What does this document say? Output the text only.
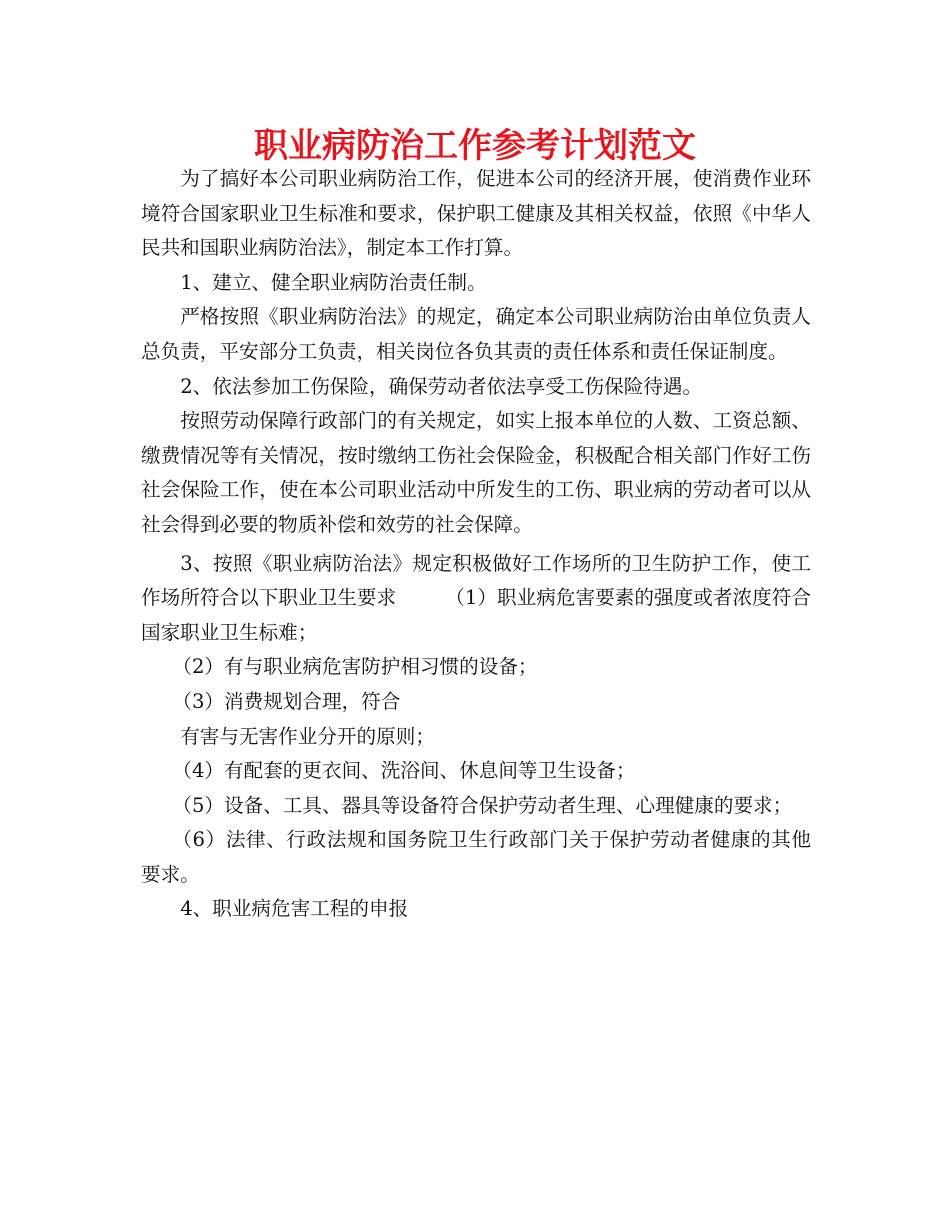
职业病防治工作参考计划范文

为了搞好本公司职业病防治工作，促进本公司的经济开展，使消费作业环境符合国家职业卫生标准和要求，保护职工健康及其相关权益，依照《中华人民共和国职业病防治法》，制定本工作打算。

1、建立、健全职业病防治责任制。

严格按照《职业病防治法》的规定，确定本公司职业病防治由单位负责人总负责，平安部分工负责，相关岗位各负其责的责任体系和责任保证制度。

2、依法参加工伤保险，确保劳动者依法享受工伤保险待遇。

按照劳动保障行政部门的有关规定，如实上报本单位的人数、工资总额、缴费情况等有关情况，按时缴纳工伤社会保险金，积极配合相关部门作好工伤社会保险工作，使在本公司职业活动中所发生的工伤、职业病的劳动者可以从社会得到必要的物质补偿和效劳的社会保障。

3、按照《职业病防治法》规定积极做好工作场所的卫生防护工作，使工作场所符合以下职业卫生要求　　　（1）职业病危害要素的强度或者浓度符合国家职业卫生标难；

（2）有与职业病危害防护相习惯的设备；

（3）消费规划合理，符合

有害与无害作业分开的原则；

（4）有配套的更衣间、洗浴间、休息间等卫生设备；

（5）设备、工具、器具等设备符合保护劳动者生理、心理健康的要求；

（6）法律、行政法规和国务院卫生行政部门关于保护劳动者健康的其他要求。

4、职业病危害工程的申报
